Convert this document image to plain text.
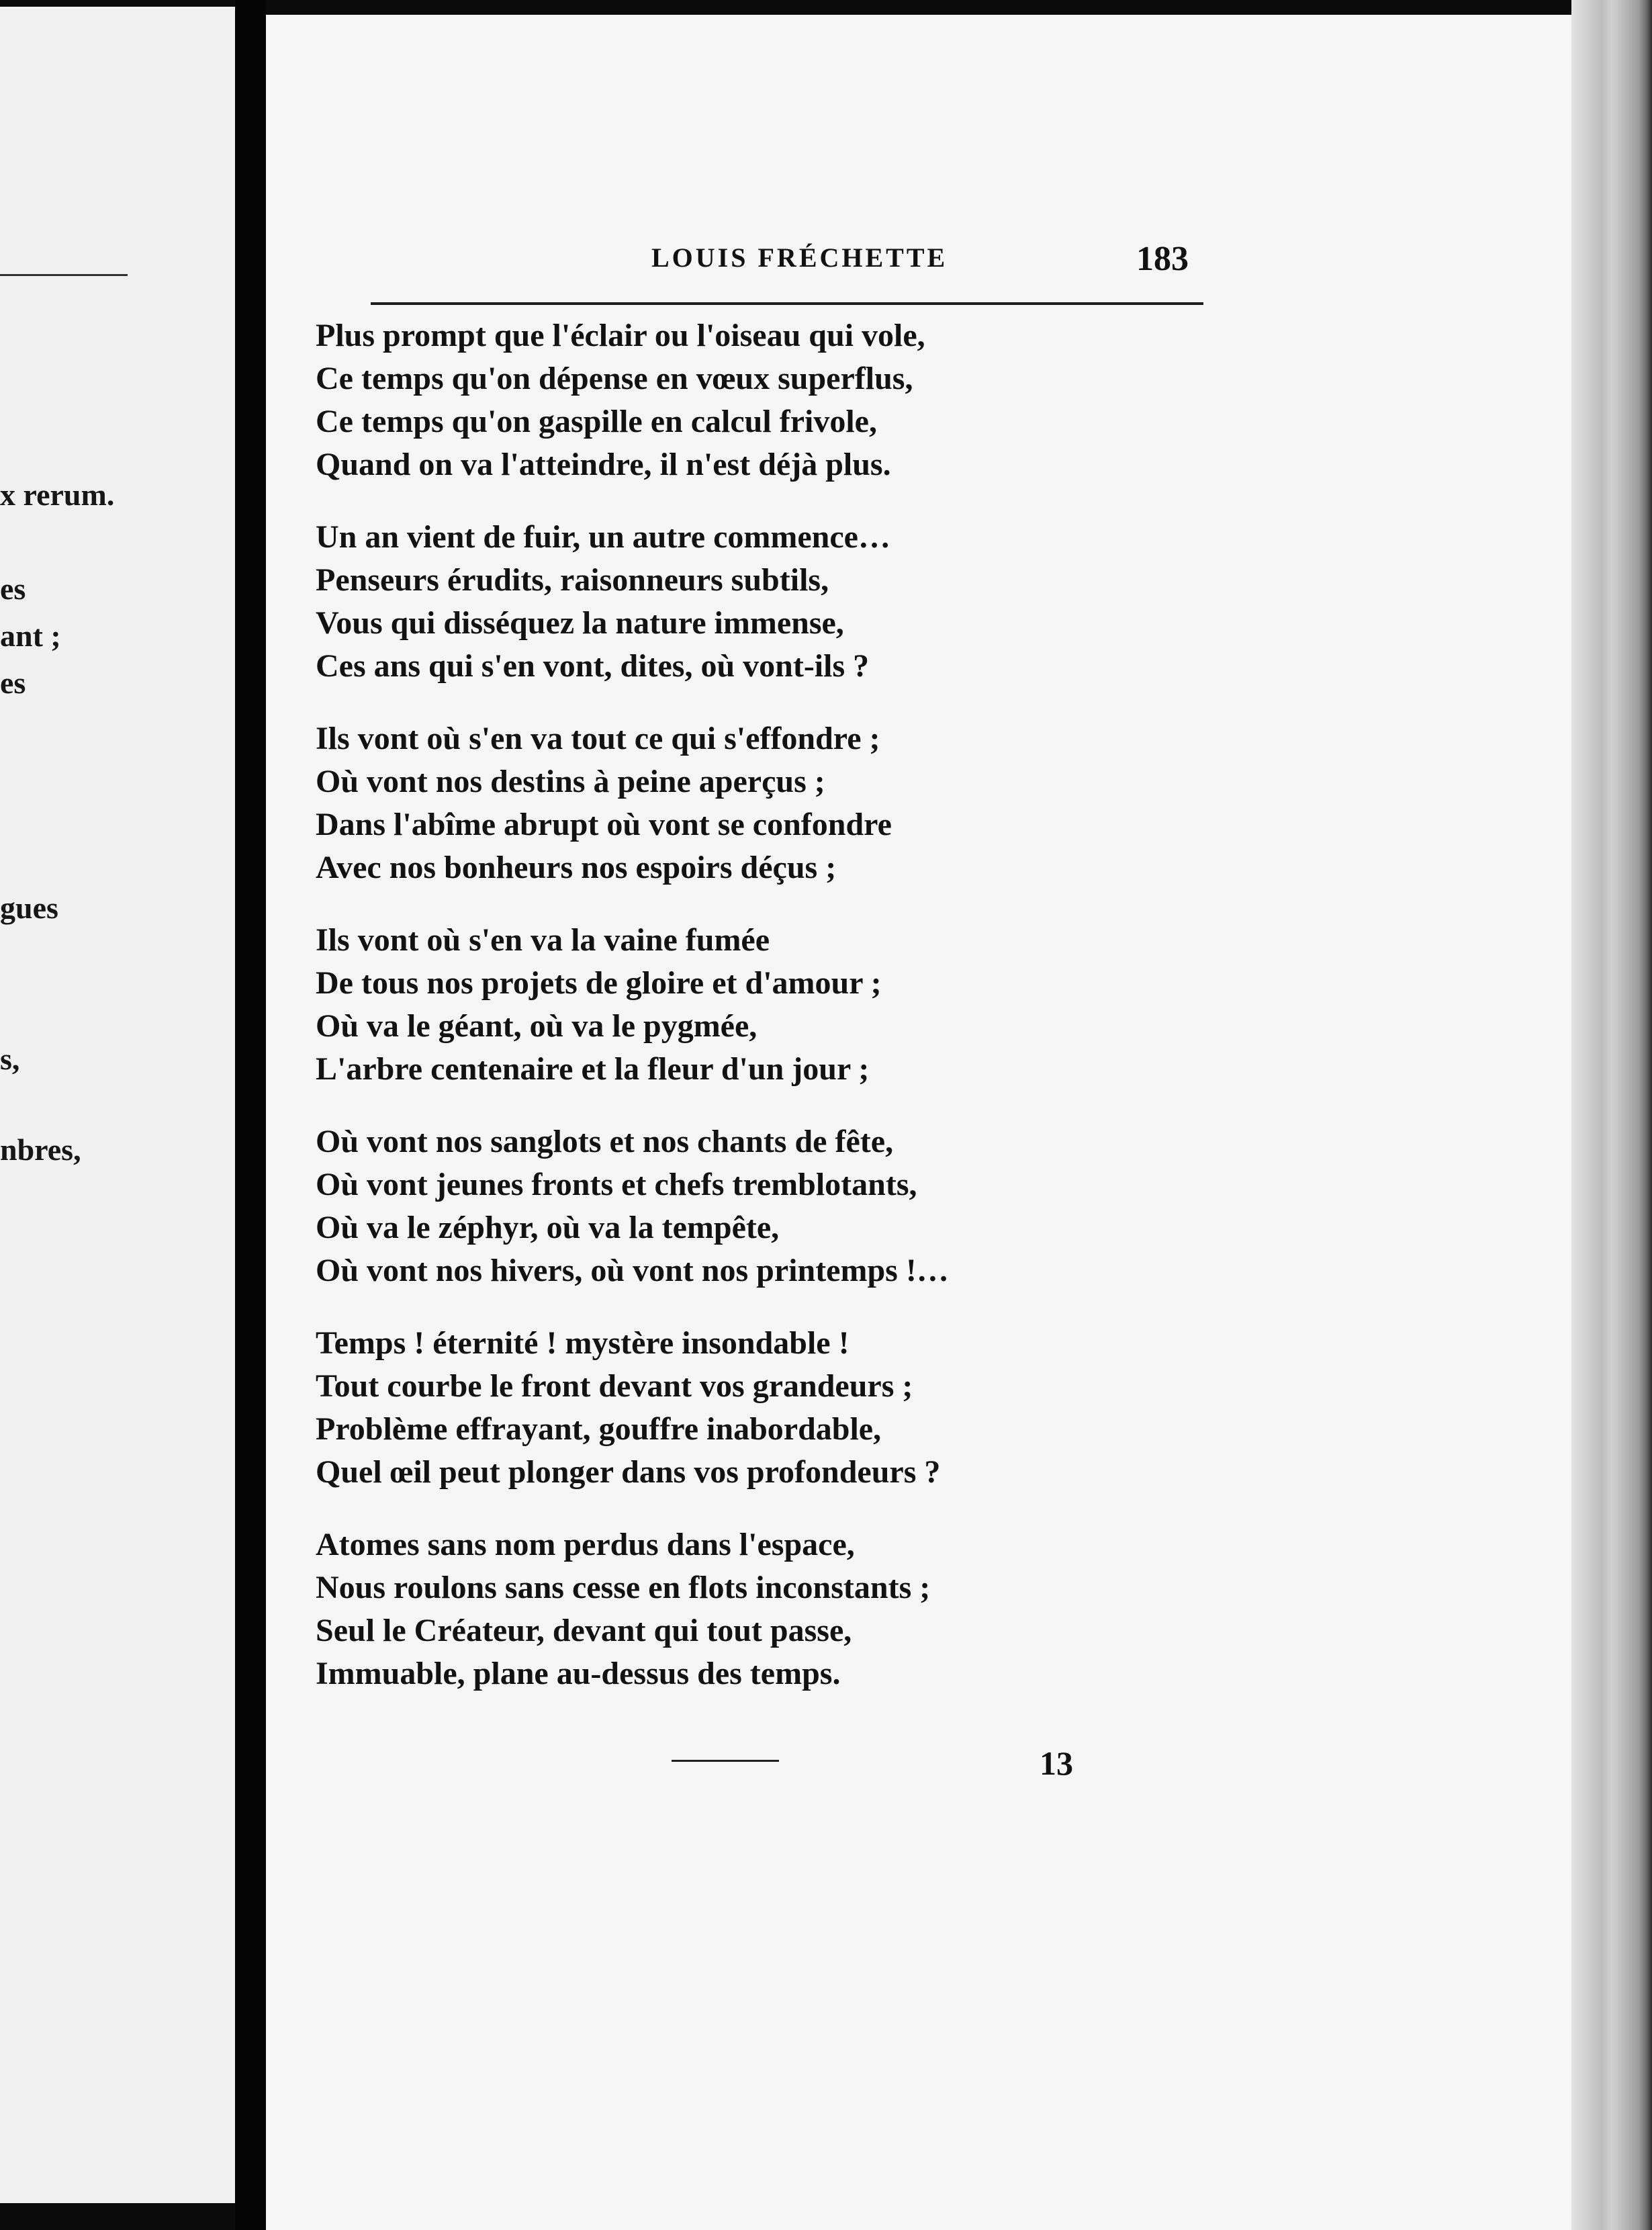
x rerum.
es
ant ;
es
gues
s,
nbres,
LOUIS FRÉCHETTE	183
Plus prompt que l'éclair ou l'oiseau qui vole,
Ce temps qu'on dépense en vœux superflus,
Ce temps qu'on gaspille en calcul frivole,
Quand on va l'atteindre, il n'est déjà plus.
Un an vient de fuir, un autre commence…
Penseurs érudits, raisonneurs subtils,
Vous qui disséquez la nature immense,
Ces ans qui s'en vont, dites, où vont-ils ?
Ils vont où s'en va tout ce qui s'effondre ;
Où vont nos destins à peine aperçus ;
Dans l'abîme abrupt où vont se confondre
Avec nos bonheurs nos espoirs déçus ;
Ils vont où s'en va la vaine fumée
De tous nos projets de gloire et d'amour ;
Où va le géant, où va le pygmée,
L'arbre centenaire et la fleur d'un jour ;
Où vont nos sanglots et nos chants de fête,
Où vont jeunes fronts et chefs tremblotants,
Où va le zéphyr, où va la tempête,
Où vont nos hivers, où vont nos printemps !…
Temps ! éternité ! mystère insondable !
Tout courbe le front devant vos grandeurs ;
Problème effrayant, gouffre inabordable,
Quel œil peut plonger dans vos profondeurs ?
Atomes sans nom perdus dans l'espace,
Nous roulons sans cesse en flots inconstants ;
Seul le Créateur, devant qui tout passe,
Immuable, plane au-dessus des temps.
13
